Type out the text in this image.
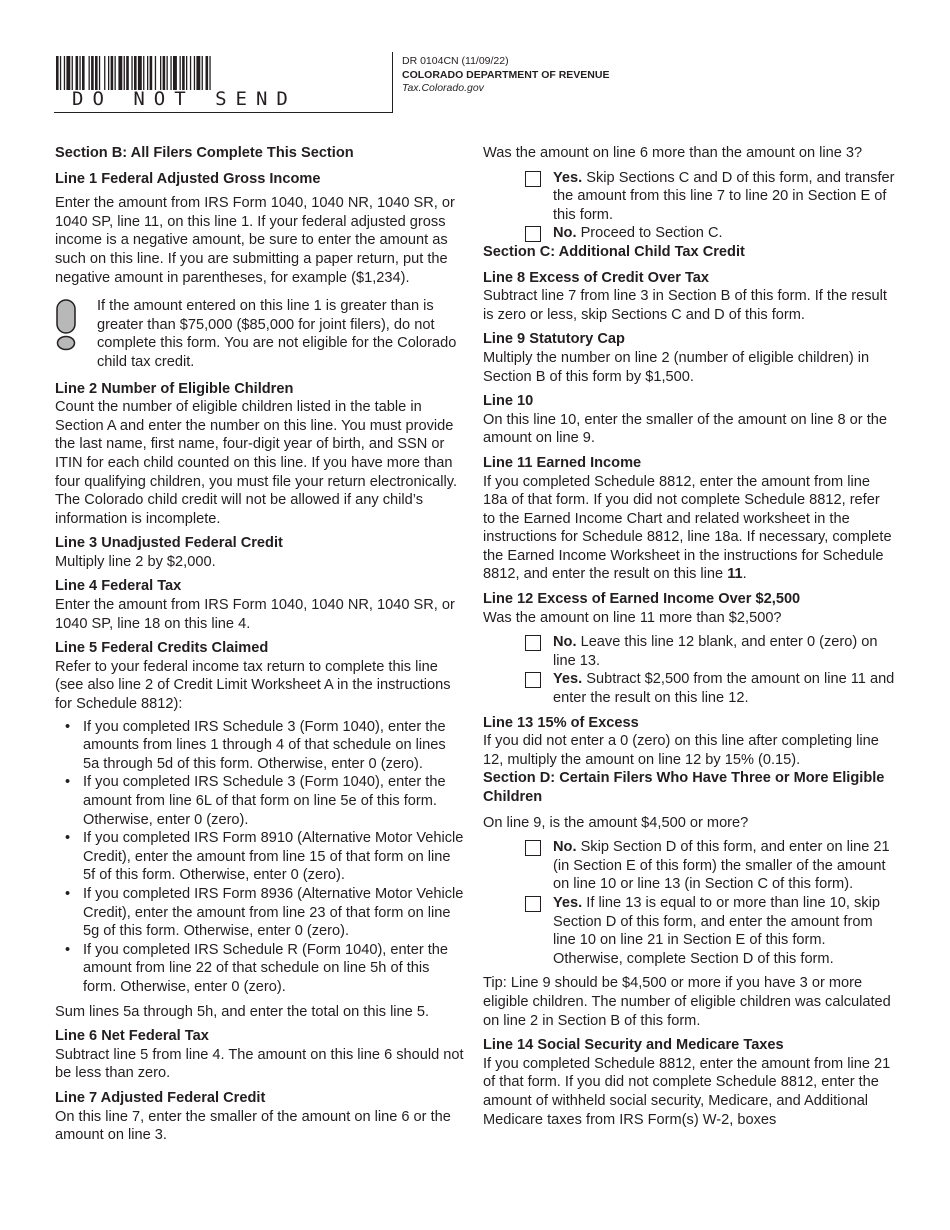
DO NOT SEND
DR 0104CN (11/09/22)
COLORADO DEPARTMENT OF REVENUE
Tax.Colorado.gov

Section B: All Filers Complete This Section

Line 1 Federal Adjusted Gross Income

Enter the amount from IRS Form 1040, 1040 NR, 1040 SR, or 1040 SP, line 11, on this line 1. If your federal adjusted gross income is a negative amount, be sure to enter the amount as such on this line. If you are submitting a paper return, put the negative amount in parentheses, for example ($1,234).

If the amount entered on this line 1 is greater than is greater than $75,000 ($85,000 for joint filers), do not complete this form. You are not eligible for the Colorado child tax credit.

Line 2 Number of Eligible Children

Count the number of eligible children listed in the table in Section A and enter the number on this line. You must provide the last name, first name, four-digit year of birth, and SSN or ITIN for each child counted on this line. If you have more than four qualifying children, you must file your return electronically. The Colorado child credit will not be allowed if any child’s information is incomplete.

Line 3 Unadjusted Federal Credit

Multiply line 2 by $2,000.

Line 4 Federal Tax

Enter the amount from IRS Form 1040, 1040 NR, 1040 SR, or 1040 SP, line 18 on this line 4.

Line 5 Federal Credits Claimed

Refer to your federal income tax return to complete this line (see also line 2 of Credit Limit Worksheet A in the instructions for Schedule 8812):

• If you completed IRS Schedule 3 (Form 1040), enter the amounts from lines 1 through 4 of that schedule on lines 5a through 5d of this form. Otherwise, enter 0 (zero).
• If you completed IRS Schedule 3 (Form 1040), enter the amount from line 6L of that form on line 5e of this form. Otherwise, enter 0 (zero).
• If you completed IRS Form 8910 (Alternative Motor Vehicle Credit), enter the amount from line 15 of that form on line 5f of this form. Otherwise, enter 0 (zero).
• If you completed IRS Form 8936 (Alternative Motor Vehicle Credit), enter the amount from line 23 of that form on line 5g of this form. Otherwise, enter 0 (zero).
• If you completed IRS Schedule R (Form 1040), enter the amount from line 22 of that schedule on line 5h of this form. Otherwise, enter 0 (zero).

Sum lines 5a through 5h, and enter the total on this line 5.

Line 6 Net Federal Tax

Subtract line 5 from line 4. The amount on this line 6 should not be less than zero.

Line 7 Adjusted Federal Credit

On this line 7, enter the smaller of the amount on line 6 or the amount on line 3.

Was the amount on line 6 more than the amount on line 3?

Yes. Skip Sections C and D of this form, and transfer the amount from this line 7 to line 20 in Section E of this form.
No. Proceed to Section C.

Section C: Additional Child Tax Credit

Line 8 Excess of Credit Over Tax

Subtract line 7 from line 3 in Section B of this form. If the result is zero or less, skip Sections C and D of this form.

Line 9 Statutory Cap

Multiply the number on line 2 (number of eligible children) in Section B of this form by $1,500.

Line 10

On this line 10, enter the smaller of the amount on line 8 or the amount on line 9.

Line 11 Earned Income

If you completed Schedule 8812, enter the amount from line 18a of that form. If you did not complete Schedule 8812, refer to the Earned Income Chart and related worksheet in the instructions for Schedule 8812, line 18a. If necessary, complete the Earned Income Worksheet in the instructions for Schedule 8812, and enter the result on this line 11.

Line 12 Excess of Earned Income Over $2,500

Was the amount on line 11 more than $2,500?

No. Leave this line 12 blank, and enter 0 (zero) on line 13.
Yes. Subtract $2,500 from the amount on line 11 and enter the result on this line 12.

Line 13 15% of Excess

If you did not enter a 0 (zero) on this line after completing line 12, multiply the amount on line 12 by 15% (0.15).

Section D: Certain Filers Who Have Three or More Eligible Children

On line 9, is the amount $4,500 or more?

No. Skip Section D of this form, and enter on line 21 (in Section E of this form) the smaller of the amount on line 10 or line 13 (in Section C of this form).
Yes. If line 13 is equal to or more than line 10, skip Section D of this form, and enter the amount from line 10 on line 21 in Section E of this form. Otherwise, complete Section D of this form.

Tip: Line 9 should be $4,500 or more if you have 3 or more eligible children. The number of eligible children was calculated on line 2 in Section B of this form.

Line 14 Social Security and Medicare Taxes

If you completed Schedule 8812, enter the amount from line 21 of that form. If you did not complete Schedule 8812, enter the amount of withheld social security, Medicare, and Additional Medicare taxes from IRS Form(s) W-2, boxes
